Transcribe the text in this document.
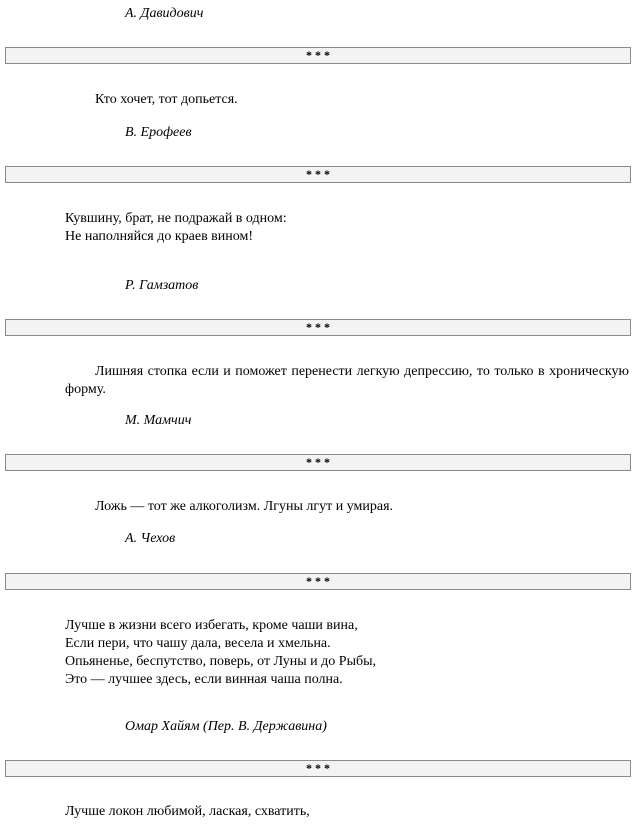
А. Давидович
* * *
Кто хочет, тот допьется.
В. Ерофеев
* * *
Кувшину, брат, не подражай в одном:
Не наполняйся до краев вином!
Р. Гамзатов
* * *
Лишняя стопка если и поможет перенести легкую депрессию, то только в хроническую форму.
М. Мамчич
* * *
Ложь — тот же алкоголизм. Лгуны лгут и умирая.
А. Чехов
* * *
Лучше в жизни всего избегать, кроме чаши вина,
Если пери, что чашу дала, весела и хмельна.
Опьяненье, беспутство, поверь, от Луны и до Рыбы,
Это — лучшее здесь, если винная чаша полна.
Омар Хайям (Пер. В. Державина)
* * *
Лучше локон любимой, лаская, схватить,
